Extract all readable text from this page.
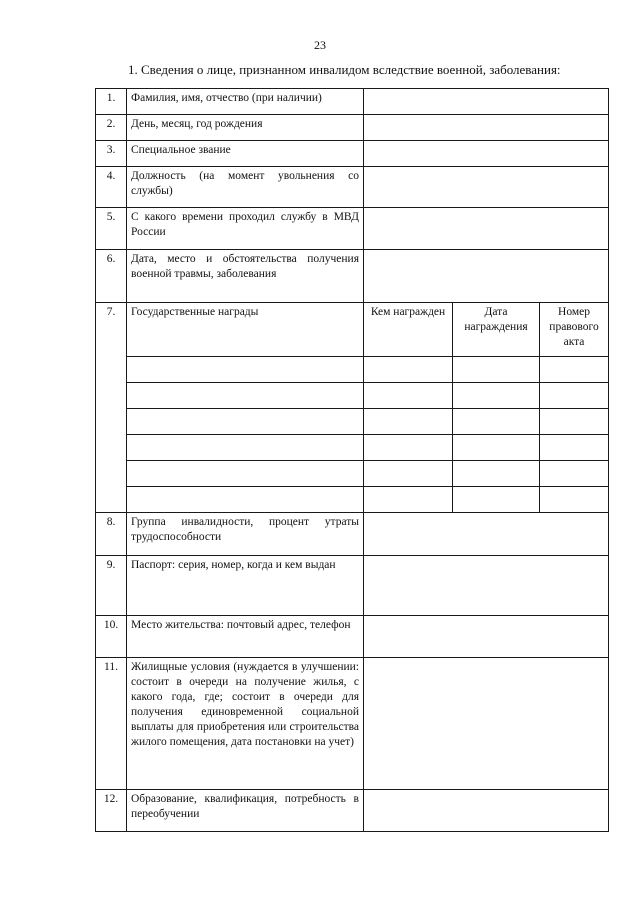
23
1. Сведения о лице, признанном инвалидом вследствие военной, заболевания:
1.	Фамилия, имя, отчество (при наличии)			
2.	День, месяц, год рождения			
3.	Специальное звание			
4.	Должность (на момент увольнения со службы)			
5.	С какого времени проходил службу в МВД России			
6.	Дата, место и обстоятельства получения военной травмы, заболевания			
7.	Государственные награды	Кем награжден	Дата награждения	Номер правового акта

8.	Группа инвалидности, процент утраты трудоспособности			
9.	Паспорт: серия, номер, когда и кем выдан			
10.	Место жительства: почтовый адрес, телефон			
11.	Жилищные условия (нуждается в улучшении: состоит в очереди на получение жилья, с какого года, где; состоит в очереди для получения единовременной социальной выплаты для приобретения или строительства жилого помещения, дата постановки на учет)			
12.	Образование, квалификация, потребность в переобучении			
